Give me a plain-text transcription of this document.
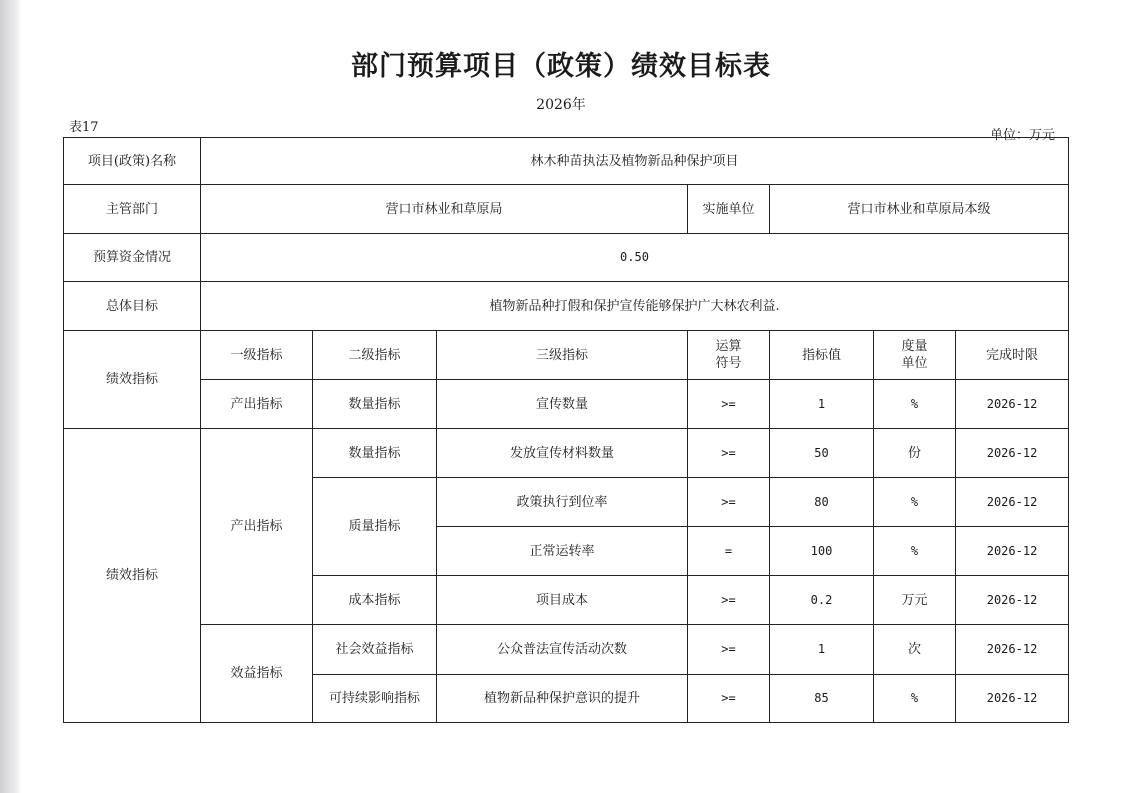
部门预算项目（政策）绩效目标表
2026年
表17
单位：万元
项目(政策)名称	林木种苗执法及植物新品种保护项目						
主管部门	营口市林业和草原局			实施单位	营口市林业和草原局本级		
预算资金情况	0.50						
总体目标	植物新品种打假和保护宣传能够保护广大林农利益.						
绩效指标	一级指标	二级指标	三级指标	运算符号	指标值	度量单位	完成时限
	产出指标	数量指标	宣传数量	>=	1	%	2026-12
绩效指标	产出指标	数量指标	发放宣传材料数量	>=	50	份	2026-12
		质量指标	政策执行到位率	>=	80	%	2026-12
			正常运转率	=	100	%	2026-12
		成本指标	项目成本	>=	0.2	万元	2026-12
	效益指标	社会效益指标	公众普法宣传活动次数	>=	1	次	2026-12
		可持续影响指标	植物新品种保护意识的提升	>=	85	%	2026-12
